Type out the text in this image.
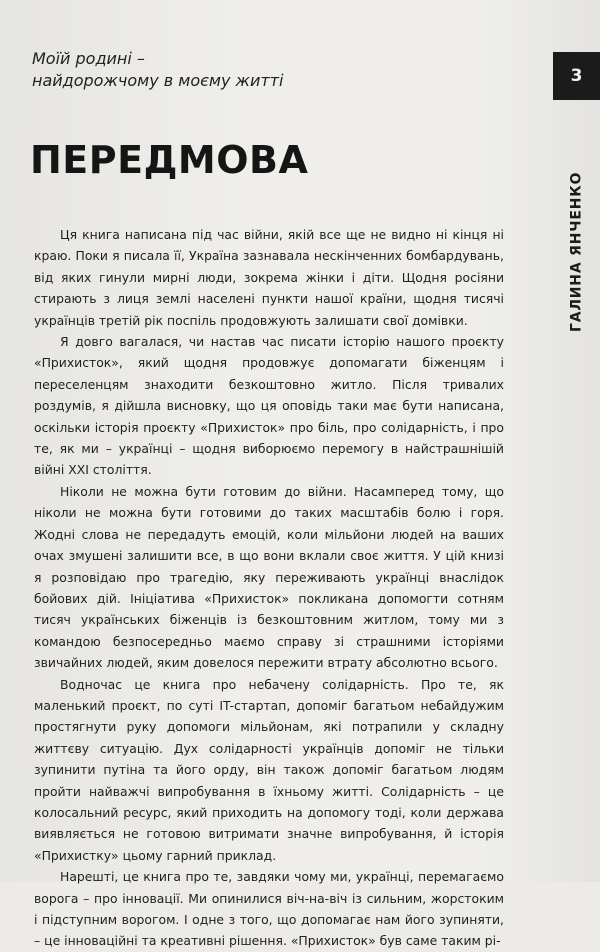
Моїй родині –
найдорожчому в моєму житті
ПЕРЕДМОВА
3
ГАЛИНА ЯНЧЕНКО

Ця книга написана під час війни, якій все ще не видно ні кінця ні краю. Поки я писала її, Україна зазнавала нескінченних бомбардувань, від яких гинули мирні люди, зокрема жінки і діти. Щодня росіяни стирають з лиця землі населені пункти нашої країни, щодня тисячі українців третій рік поспіль продовжують залишати свої домівки.

Я довго вагалася, чи настав час писати історію нашого проєкту «Прихисток», який щодня продовжує допомагати біженцям і переселенцям знаходити безкоштовно житло. Після тривалих роздумів, я дійшла висновку, що ця оповідь таки має бути написана, оскільки історія проєкту «Прихисток» про біль, про солідарність, і про те, як ми – українці – щодня виборюємо перемогу в найстрашнішій війні XXI століття.

Ніколи не можна бути готовим до війни. Насамперед тому, що ніколи не можна бути готовими до таких масштабів болю і горя. Жодні слова не передадуть емоцій, коли мільйони людей на ваших очах змушені залишити все, в що вони вклали своє життя. У цій книзі я розповідаю про трагедію, яку переживають українці внаслідок бойових дій. Ініціатива «Прихисток» покликана допомогти сотням тисяч українських біженців із безкоштовним житлом, тому ми з командою безпосередньо маємо справу зі страшними історіями звичайних людей, яким довелося пережити втрату абсолютно всього.

Водночас це книга про небачену солідарність. Про те, як маленький проєкт, по суті IT-стартап, допоміг багатьом небайдужим простягнути руку допомоги мільйонам, які потрапили у складну життєву ситуацію. Дух солідарності українців допоміг не тільки зупинити путіна та його орду, він також допоміг багатьом людям пройти найважчі випробування в їхньому житті. Солідарність – це колосальний ресурс, який приходить на допомогу тоді, коли держава виявляється не готовою витримати значне випробування, й історія «Прихистку» цьому гарний приклад.

Нарешті, це книга про те, завдяки чому ми, українці, перемагаємо ворога – про інновації. Ми опинилися віч-на-віч із сильним, жорстоким і підступним ворогом. І одне з того, що допомагає нам його зупиняти, – це інноваційні та креативні рішення. «Прихисток» був саме таким рі-
